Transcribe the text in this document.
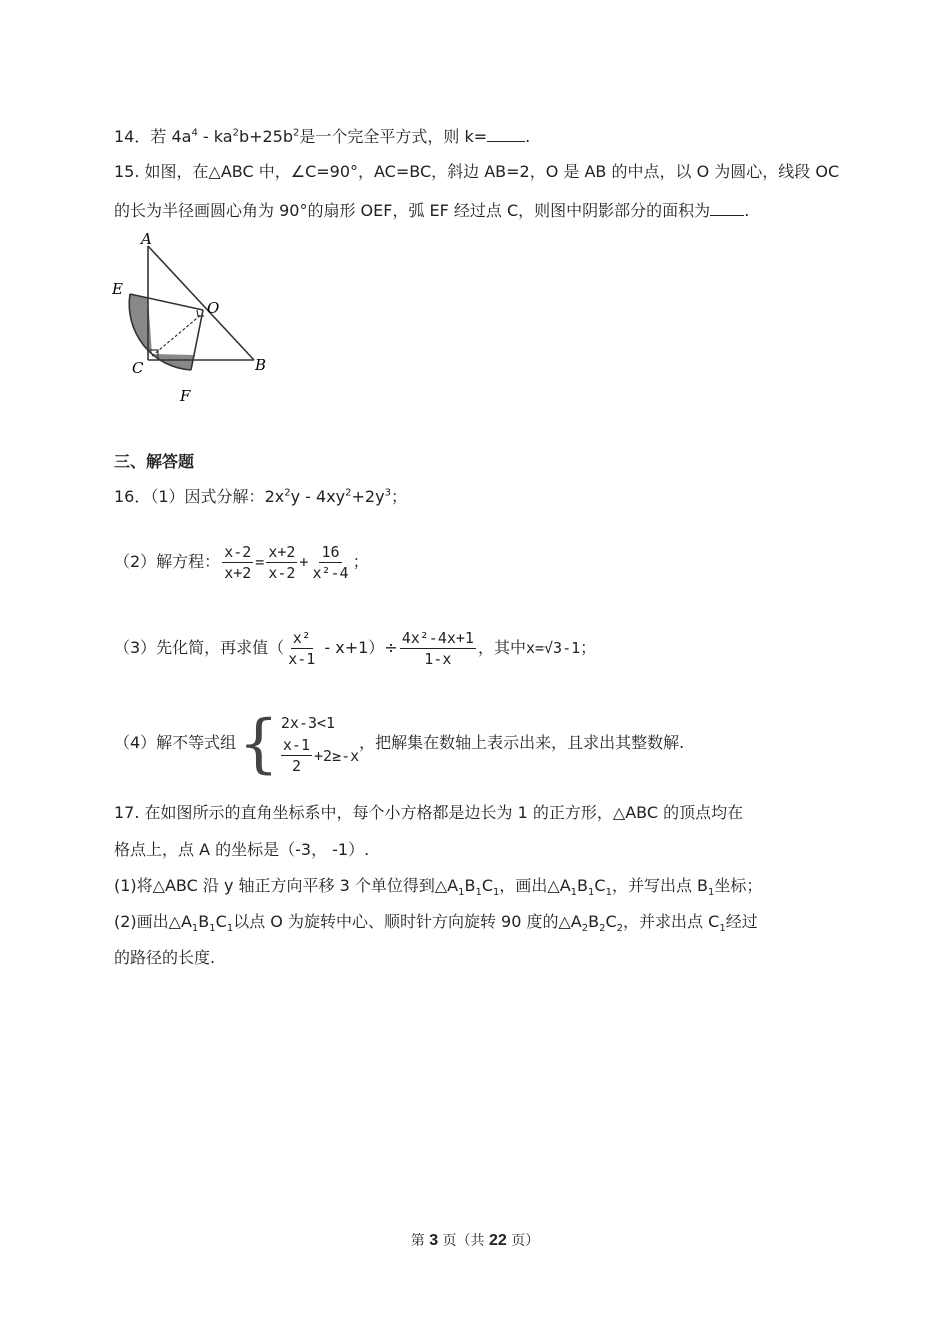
14．若 $4a^4$ ‐ $ka^2b+25b^2$是一个完全平方式，则 k= .
15. 如图，在△ABC 中，∠C=90°，AC=BC，斜边 AB=2，O 是 AB 的中点，以 O 为圆心，线段 OC
的长为半径画圆心角为 90°的扇形 OEF，弧 EF 经过点 C，则图中阴影部分的面积为 .
A
E
O
C	B
F
三、解答题
16．（1）因式分解：$2x^2y$ ‐ $4xy^2+2y^3$；
（2）解方程： $\frac{x-2}{x+2} = \frac{x+2}{x-2} + \frac{16}{\text{x²-4}}$ ；
（3）先化简，再求值（ $\frac{\text{x²}}{x-1}$ ‐ $x+1)\div \frac{\text{4x²-4x+1}}{1-x}$ ，其中x=√3-1；
（4）解不等式组 { 2x-3<1
$\frac{x-1}{2} +2\ge-x$
，把解集在数轴上表示出来，且求出其整数解.
17. 在如图所示的直角坐标系中，每个小方格都是边长为 1 的正方形，△ABC 的顶点均在
格点上，点 A 的坐标是（‐3， ‐1）.
(1)将△ABC 沿 y 轴正方向平移 3 个单位得到$\triangle A_1B_1C_1$，画出$\triangle A_1B_1C_1$，并写出点 $B_1$坐标；
(2)画出$\triangle A_1B_1C_1$以点 O 为旋转中心、顺时针方向旋转 90 度的$\triangle A_2B_2C_2$，并求出点 $C_1$经过
的路径的长度.
第 3 页（共 22 页）
